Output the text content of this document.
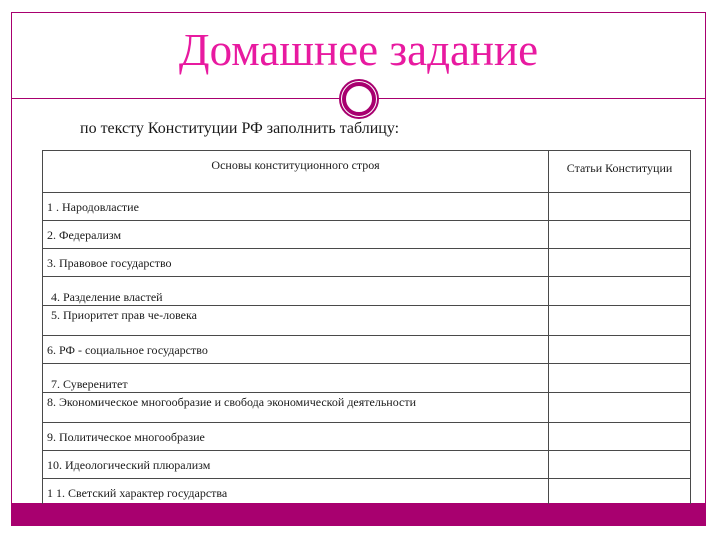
Домашнее задание
по тексту Конституции РФ заполнить таблицу:
Основы конституционного строя	Статьи Конституции
1 . Народовластие	
2. Федерализм	
3. Правовое государство	
4. Разделение властей	
5. Приоритет прав че-ловека	
6. РФ - социальное государство	
7. Суверенитет	
8. Экономическое многообразие и свобода экономической деятельности	
9. Политическое многообразие	
10. Идеологический плюрализм	
1 1. Светский характер государства	
